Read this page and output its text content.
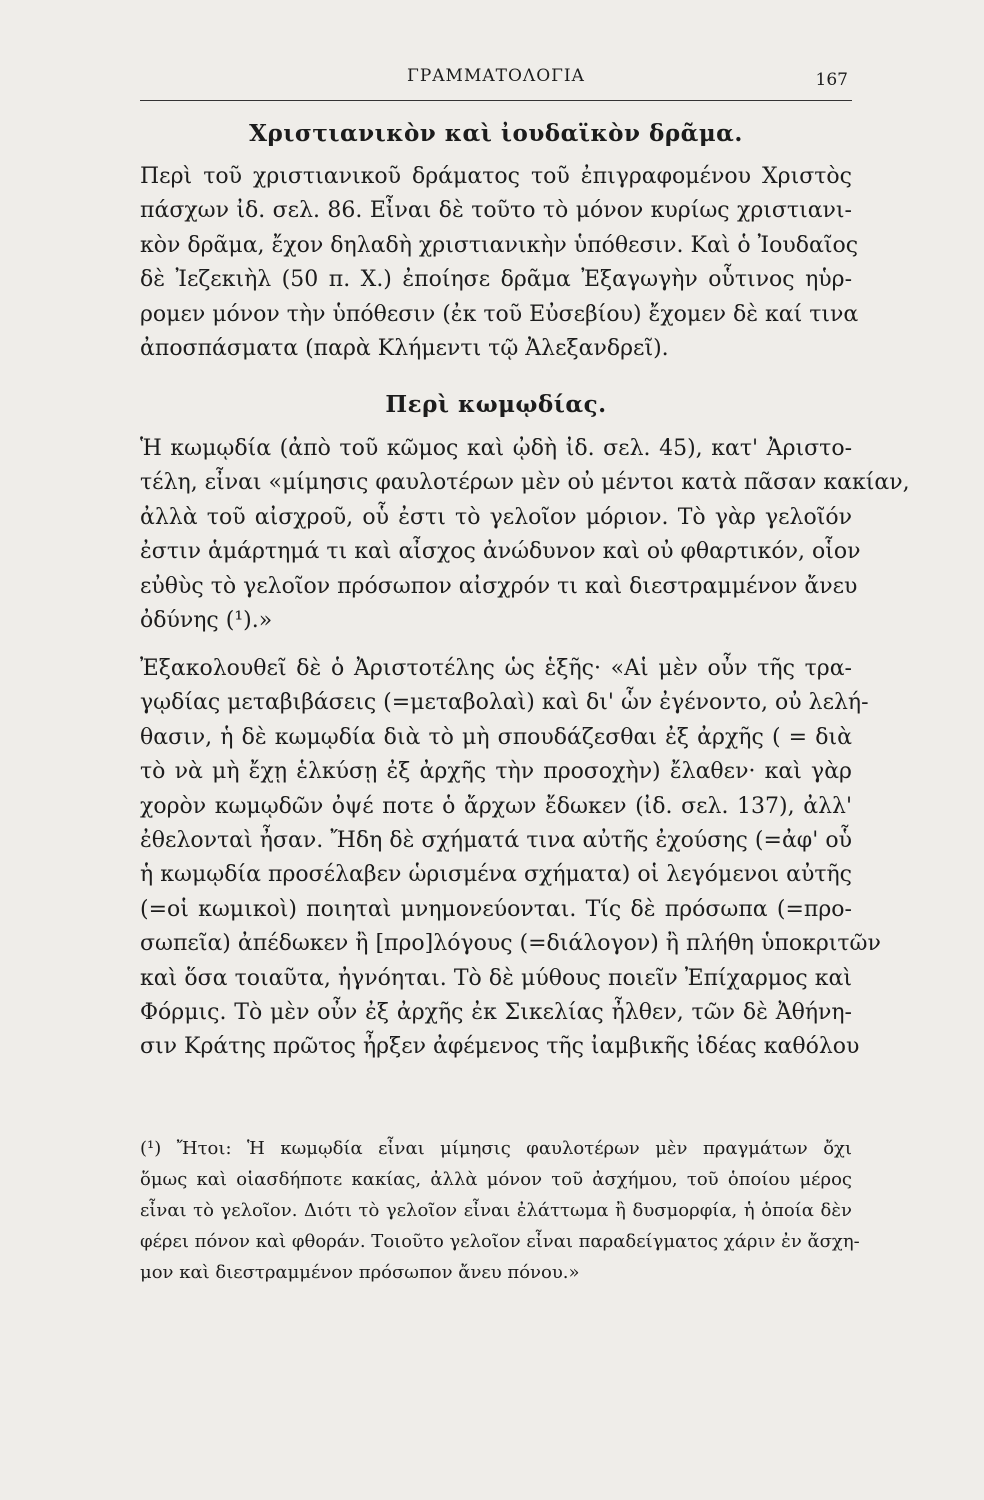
ΓΡΑΜΜΑΤΟΛΟΓΙΑ	167
Χριστιανικὸν καὶ ἰουδαϊκὸν δρᾶμα.
Περὶ τοῦ χριστιανικοῦ δράματος τοῦ ἐπιγραφομένου Χριστὸς
πάσχων ἰδ. σελ. 86. Εἶναι δὲ τοῦτο τὸ μόνον κυρίως χριστιανι-
κὸν δρᾶμα, ἔχον δηλαδὴ χριστιανικὴν ὑπόθεσιν. Καὶ ὁ Ἰουδαῖος
δὲ Ἰεζεκιὴλ (50 π. Χ.) ἐποίησε δρᾶμα Ἐξαγωγὴν οὗτινος ηὑρ-
ρομεν μόνον τὴν ὑπόθεσιν (ἐκ τοῦ Εὐσεβίου) ἔχομεν δὲ καί τινα
ἀποσπάσματα (παρὰ Κλήμεντι τῷ Ἀλεξανδρεῖ).
Περὶ κωμῳδίας.
Ἡ κωμῳδία (ἀπὸ τοῦ κῶμος καὶ ᾠδὴ ἰδ. σελ. 45), κατ' Ἀριστο-
τέλη, εἶναι «μίμησις φαυλοτέρων μὲν οὐ μέντοι κατὰ πᾶσαν κακίαν,
ἀλλὰ τοῦ αἰσχροῦ, οὗ ἐστι τὸ γελοῖον μόριον. Τὸ γὰρ γελοῖόν
ἐστιν ἁμάρτημά τι καὶ αἶσχος ἀνώδυνον καὶ οὐ φθαρτικόν, οἷον
εὐθὺς τὸ γελοῖον πρόσωπον αἰσχρόν τι καὶ διεστραμμένον ἄνευ
ὀδύνης (¹).»
Ἐξακολουθεῖ δὲ ὁ Ἀριστοτέλης ὡς ἑξῆς· «Αἱ μὲν οὖν τῆς τρα-
γῳδίας μεταβιβάσεις (=μεταβολαὶ) καὶ δι' ὧν ἐγένοντο, οὐ λελή-
θασιν, ἡ δὲ κωμῳδία διὰ τὸ μὴ σπουδάζεσθαι ἐξ ἀρχῆς ( = διὰ
τὸ νὰ μὴ ἔχῃ ἑλκύσῃ ἐξ ἀρχῆς τὴν προσοχὴν) ἔλαθεν· καὶ γὰρ
χορὸν κωμῳδῶν ὀψέ ποτε ὁ ἄρχων ἔδωκεν (ἰδ. σελ. 137), ἀλλ'
ἐθελονταὶ ἦσαν. Ἤδη δὲ σχήματά τινα αὐτῆς ἐχούσης (=ἀφ' οὗ
ἡ κωμῳδία προσέλαβεν ὡρισμένα σχήματα) οἱ λεγόμενοι αὐτῆς
(=οἱ κωμικοὶ) ποιηταὶ μνημονεύονται. Τίς δὲ πρόσωπα (=προ-
σωπεῖα) ἀπέδωκεν ἢ [προ]λόγους (=διάλογον) ἢ πλήθη ὑποκριτῶν
καὶ ὅσα τοιαῦτα, ἠγνόηται. Τὸ δὲ μύθους ποιεῖν Ἐπίχαρμος καὶ
Φόρμις. Τὸ μὲν οὖν ἐξ ἀρχῆς ἐκ Σικελίας ἦλθεν, τῶν δὲ Ἀθήνη-
σιν Κράτης πρῶτος ἦρξεν ἀφέμενος τῆς ἰαμβικῆς ἰδέας καθόλου
(¹) Ἤτοι: Ἡ κωμῳδία εἶναι μίμησις φαυλοτέρων μὲν πραγμάτων ὄχι
ὅμως καὶ οἱασδήποτε κακίας, ἀλλὰ μόνον τοῦ ἀσχήμου, τοῦ ὁποίου μέρος
εἶναι τὸ γελοῖον. Διότι τὸ γελοῖον εἶναι ἐλάττωμα ἢ δυσμορφία, ἡ ὁποία δὲν
φέρει πόνον καὶ φθοράν. Τοιοῦτο γελοῖον εἶναι παραδείγματος χάριν ἐν ἄσχη-
μον καὶ διεστραμμένον πρόσωπον ἄνευ πόνου.»
